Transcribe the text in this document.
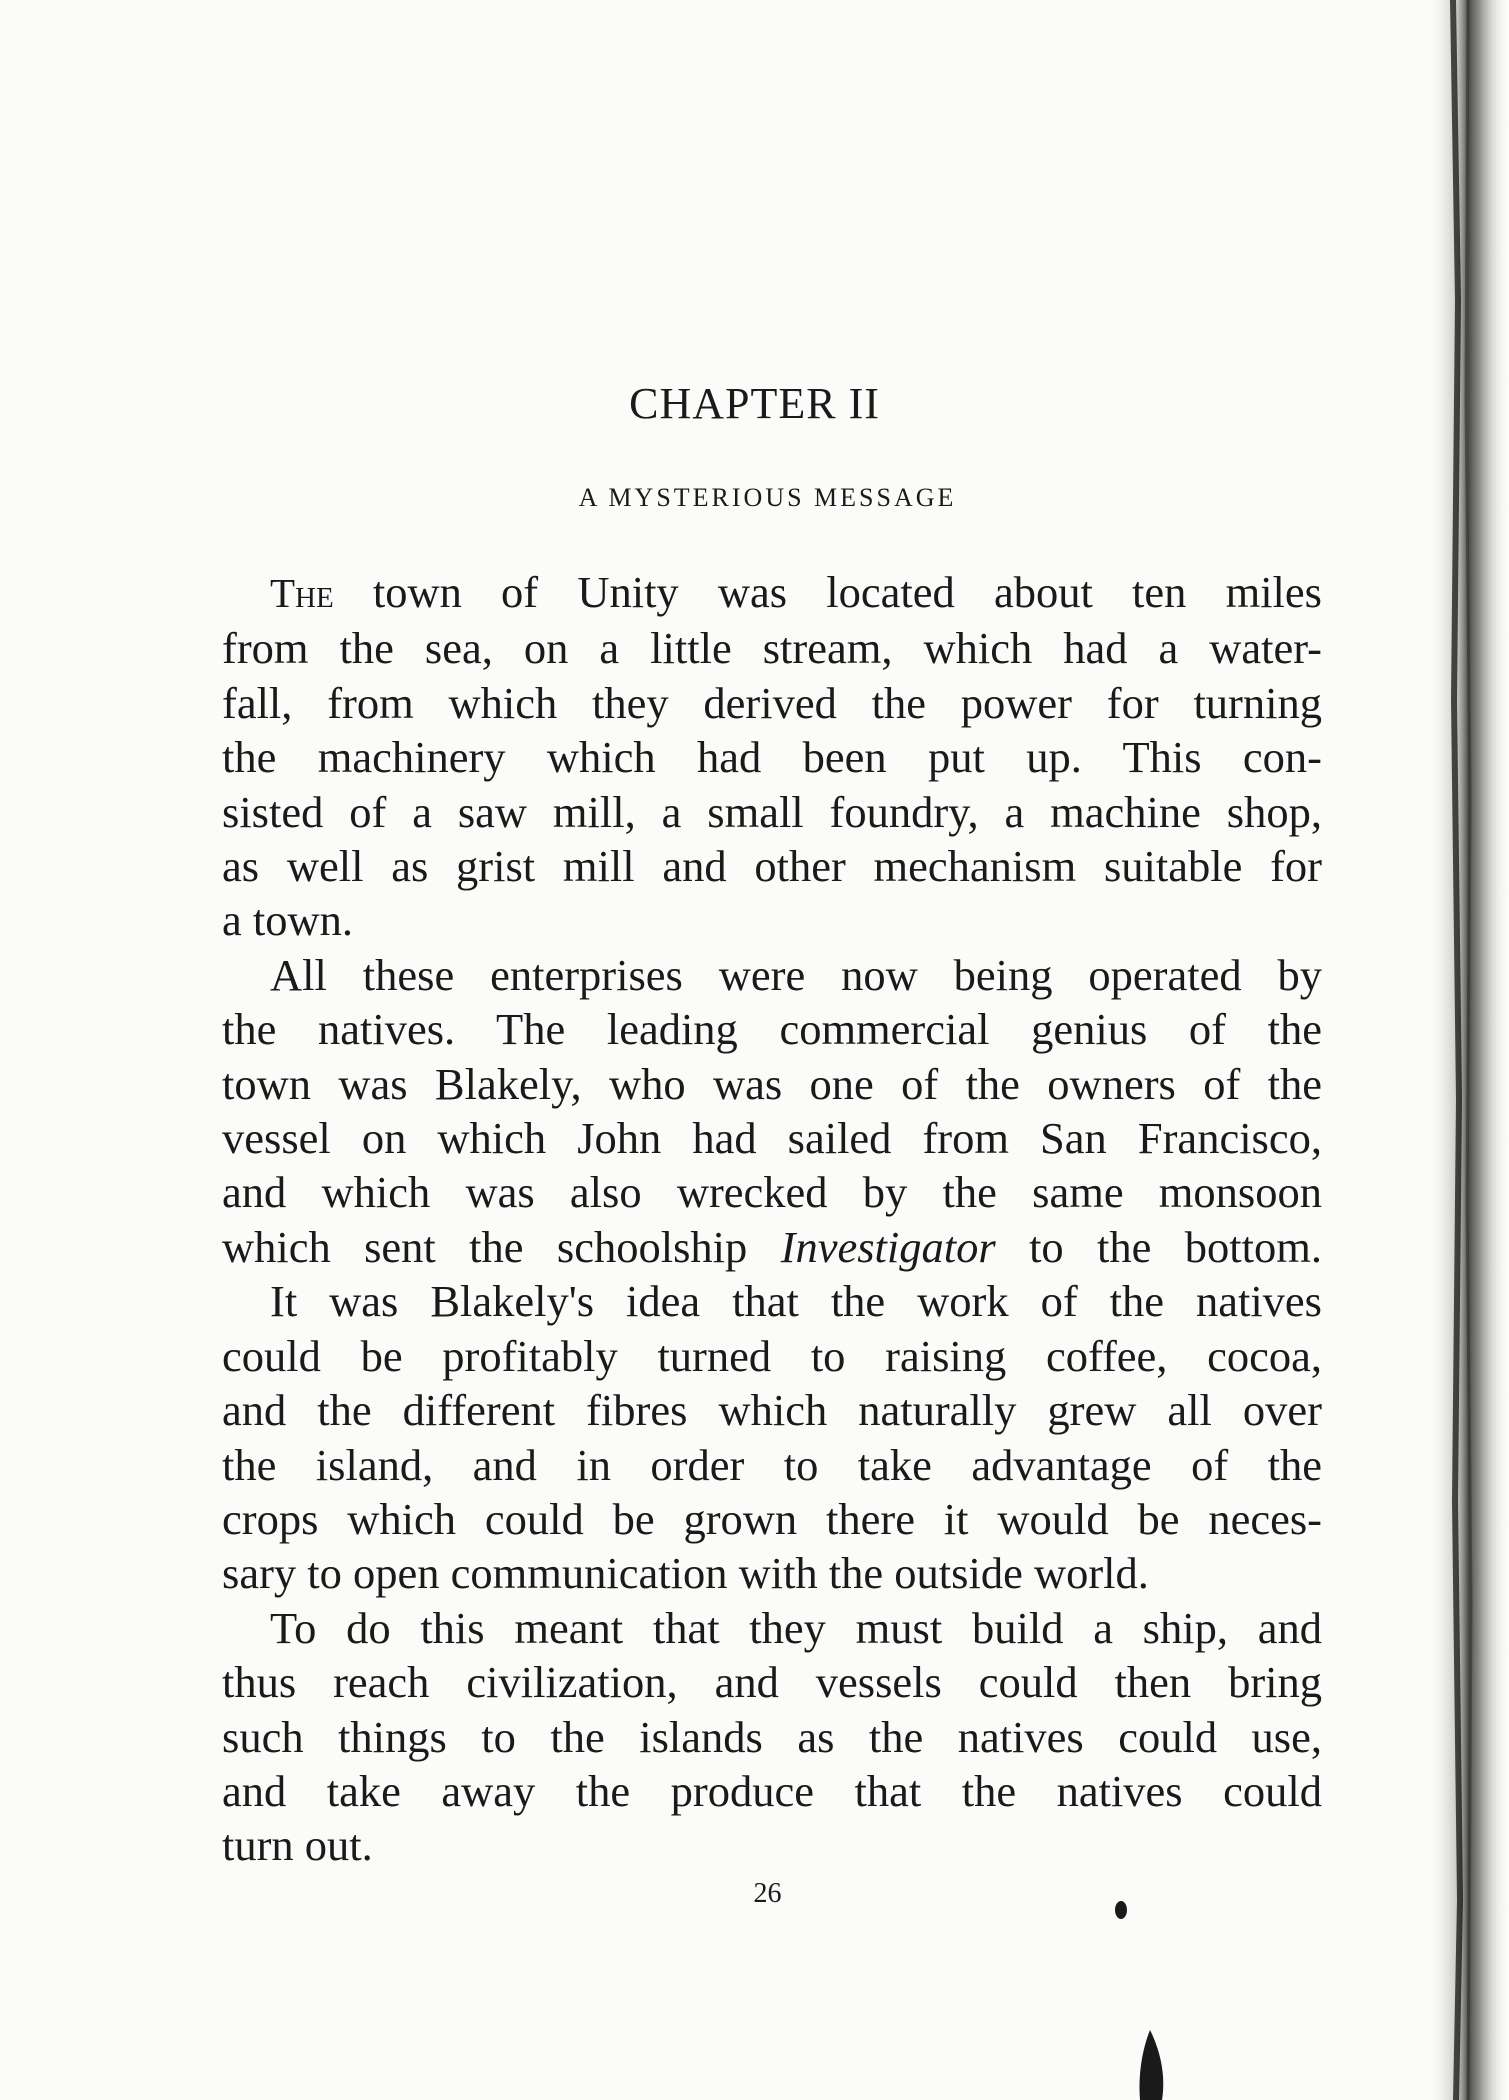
CHAPTER II
A MYSTERIOUS MESSAGE

The town of Unity was located about ten miles
from the sea, on a little stream, which had a water-
fall, from which they derived the power for turning
the machinery which had been put up. This con-
sisted of a saw mill, a small foundry, a machine shop,
as well as grist mill and other mechanism suitable for
a town.

All these enterprises were now being operated by
the natives. The leading commercial genius of the
town was Blakely, who was one of the owners of the
vessel on which John had sailed from San Francisco,
and which was also wrecked by the same monsoon
which sent the schoolship Investigator to the bottom.

It was Blakely's idea that the work of the natives
could be profitably turned to raising coffee, cocoa,
and the different fibres which naturally grew all over
the island, and in order to take advantage of the
crops which could be grown there it would be neces-
sary to open communication with the outside world.

To do this meant that they must build a ship, and
thus reach civilization, and vessels could then bring
such things to the islands as the natives could use,
and take away the produce that the natives could
turn out.

26
